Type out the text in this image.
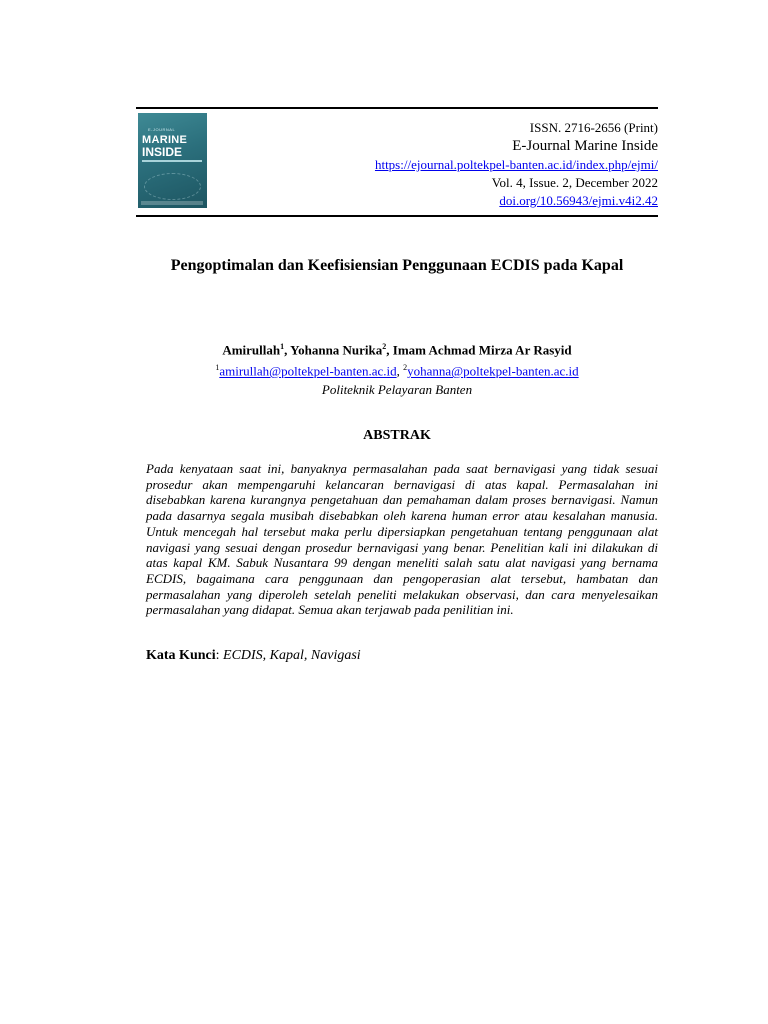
E-JOURNAL
MARINE
INSIDE
ISSN. 2716-2656 (Print)
E-Journal Marine Inside
https://ejournal.poltekpel-banten.ac.id/index.php/ejmi/
Vol. 4, Issue. 2, December 2022
doi.org/10.56943/ejmi.v4i2.42
Pengoptimalan dan Keefisiensian Penggunaan ECDIS pada Kapal
Amirullah$^1$, Yohanna Nurika$^2$, Imam Achmad Mirza Ar Rasyid
$^1$amirullah@poltekpel-banten.ac.id, $^2$yohanna@poltekpel-banten.ac.id
Politeknik Pelayaran Banten
ABSTRAK

Pada kenyataan saat ini, banyaknya permasalahan pada saat bernavigasi yang tidak sesuai prosedur akan mempengaruhi kelancaran bernavigasi di atas kapal. Permasalahan ini disebabkan karena kurangnya pengetahuan dan pemahaman dalam proses bernavigasi. Namun pada dasarnya segala musibah disebabkan oleh karena human error atau kesalahan manusia. Untuk mencegah hal tersebut maka perlu dipersiapkan pengetahuan tentang penggunaan alat navigasi yang sesuai dengan prosedur bernavigasi yang benar. Penelitian kali ini dilakukan di atas kapal KM. Sabuk Nusantara 99 dengan meneliti salah satu alat navigasi yang bernama ECDIS, bagaimana cara penggunaan dan pengoperasian alat tersebut, hambatan dan permasalahan yang diperoleh setelah peneliti melakukan observasi, dan cara menyelesaikan permasalahan yang didapat. Semua akan terjawab pada penilitian ini.

Kata Kunci: ECDIS, Kapal, Navigasi
